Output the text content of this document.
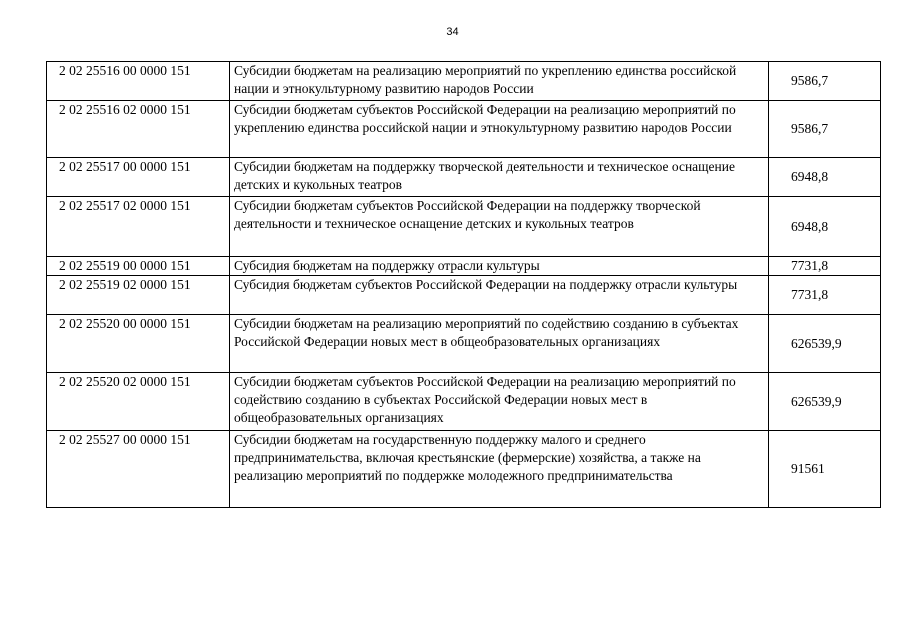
34
2 02 25516 00 0000 151	Субсидии бюджетам на реализацию мероприятий по укреплению единства российской нации и этнокультурному развитию народов России	9586,7
2 02 25516 02 0000 151	Субсидии бюджетам субъектов Российской Федерации на реализацию мероприятий по укреплению единства российской нации и этнокультурному развитию народов России	9586,7
2 02 25517 00 0000 151	Субсидии бюджетам на поддержку творческой деятельности и техническое оснащение детских и кукольных театров	6948,8
2 02 25517 02 0000 151	Субсидии бюджетам субъектов Российской Федерации на поддержку творческой деятельности и техническое оснащение детских и кукольных театров	6948,8
2 02 25519 00 0000 151	Субсидия бюджетам на поддержку отрасли культуры	7731,8
2 02 25519 02 0000 151	Субсидия бюджетам субъектов Российской Федерации на поддержку отрасли культуры	7731,8
2 02 25520 00 0000 151	Субсидии бюджетам на реализацию мероприятий по содействию созданию в субъектах Российской Федерации новых мест в общеобразовательных организациях	626539,9
2 02 25520 02 0000 151	Субсидии бюджетам субъектов Российской Федерации на реализацию мероприятий по содействию созданию в субъектах Российской Федерации новых мест в общеобразовательных организациях	626539,9
2 02 25527 00 0000 151	Субсидии бюджетам на государственную поддержку малого и среднего предпринимательства, включая крестьянские (фермерские) хозяйства, а также на реализацию мероприятий по поддержке молодежного предпринимательства	91561
